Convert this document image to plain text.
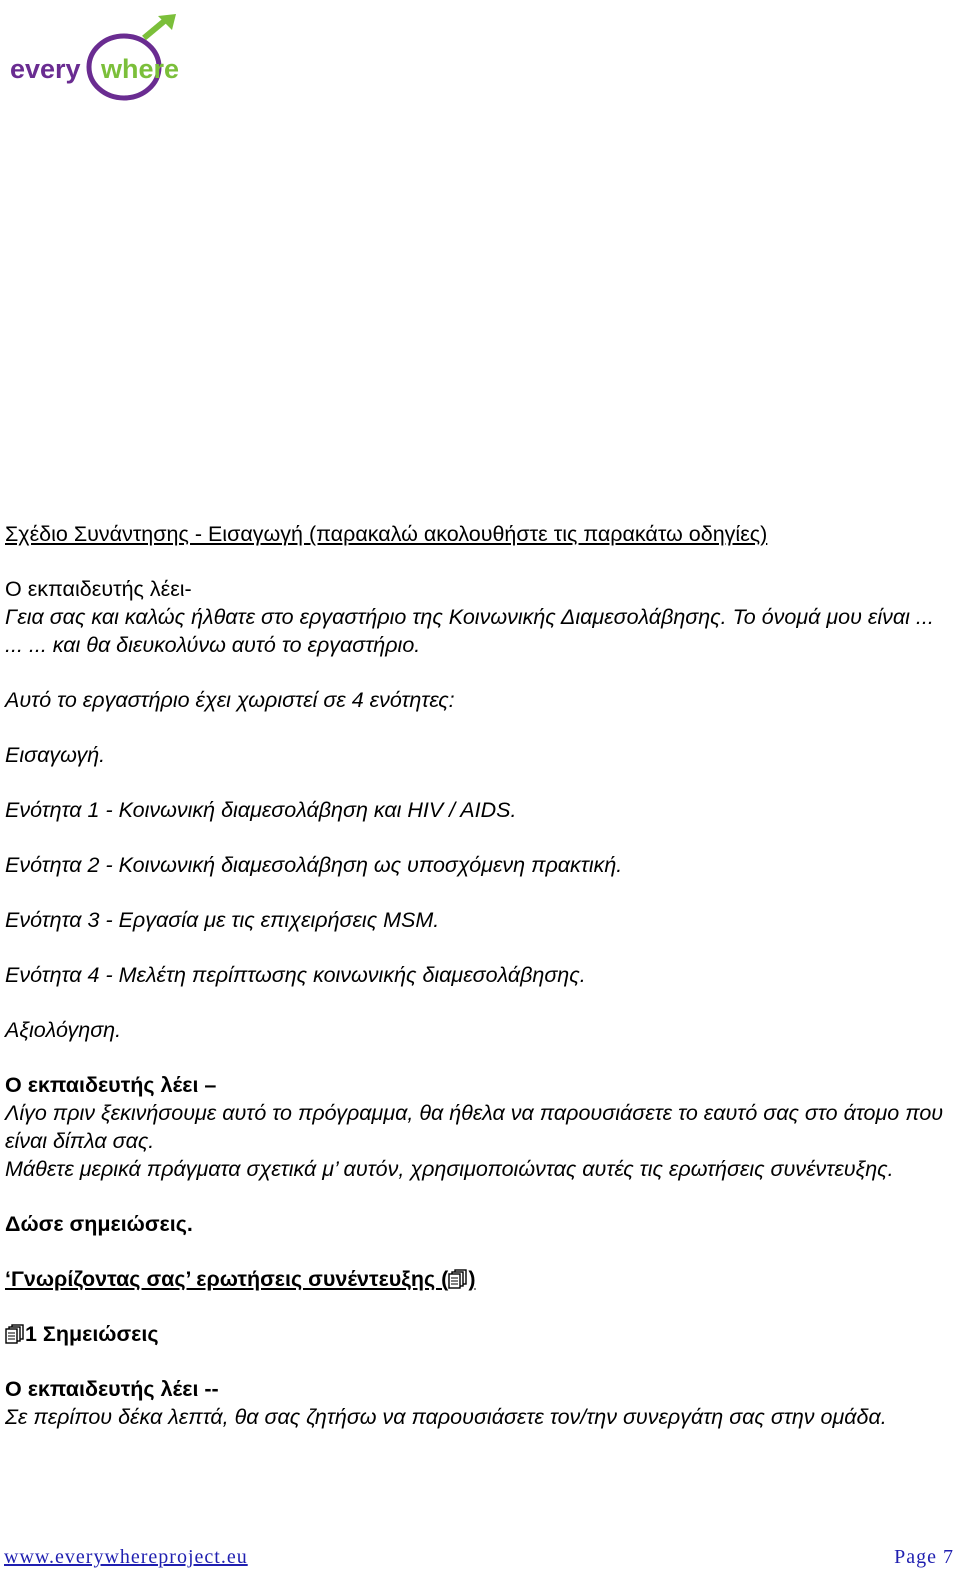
every where

Σχέδιο Συνάντησης - Εισαγωγή (παρακαλώ ακολουθήστε τις παρακάτω οδηγίες)

Ο εκπαιδευτής λέει-

Γεια σας και καλώς ήλθατε στο εργαστήριο της Κοινωνικής Διαμεσολάβησης. Το όνομά μου είναι ... ... ... και θα διευκολύνω αυτό το εργαστήριο.

Αυτό το εργαστήριο έχει χωριστεί σε 4 ενότητες:

Εισαγωγή.

Ενότητα 1 - Κοινωνική διαμεσολάβηση και HIV / AIDS.

Ενότητα 2 - Κοινωνική διαμεσολάβηση ως υποσχόμενη πρακτική.

Ενότητα 3 - Εργασία με τις επιχειρήσεις MSM.

Ενότητα 4 - Μελέτη περίπτωσης κοινωνικής διαμεσολάβησης.

Αξιολόγηση.

Ο εκπαιδευτής λέει –

Λίγο πριν ξεκινήσουμε αυτό το πρόγραμμα, θα ήθελα να παρουσιάσετε το εαυτό σας στο άτομο που είναι δίπλα σας.

Μάθετε μερικά πράγματα σχετικά μ’ αυτόν, χρησιμοποιώντας αυτές τις ερωτήσεις συνέντευξης.

Δώσε σημειώσεις.

‘Γνωρίζοντας σας’ ερωτήσεις συνέντευξης ( )

1 Σημειώσεις

Ο εκπαιδευτής λέει --

Σε περίπου δέκα λεπτά, θα σας ζητήσω να παρουσιάσετε τον/την συνεργάτη σας στην ομάδα.

www.everywhereproject.eu	Page 7
